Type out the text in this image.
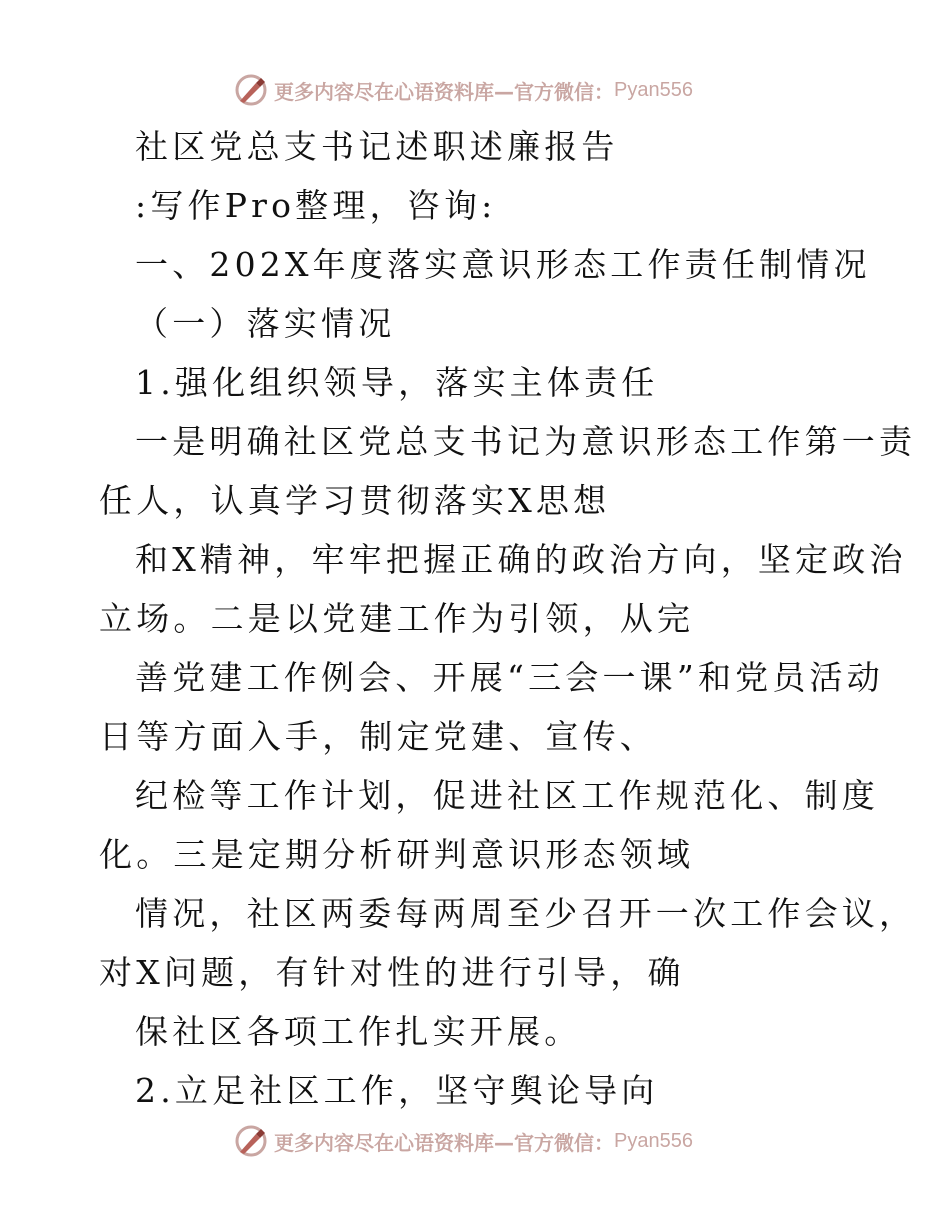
更多内容尽在心语资料库 —官方微信： Pyan556
社区党总支书记述职述廉报告
:写作Pro整理，咨询:
一、202X年度落实意识形态工作责任制情况
（一）落实情况
1.强化组织领导，落实主体责任
一是明确社区党总支书记为意识形态工作第一责
任人，认真学习贯彻落实X思想
和X精神，牢牢把握正确的政治方向，坚定政治
立场。二是以党建工作为引领，从完
善党建工作例会、开展“三会一课”和党员活动
日等方面入手，制定党建、宣传、
纪检等工作计划，促进社区工作规范化、制度
化。三是定期分析研判意识形态领域
情况，社区两委每两周至少召开一次工作会议，
对X问题，有针对性的进行引导，确
保社区各项工作扎实开展。
2.立足社区工作，坚守舆论导向
更多内容尽在心语资料库 —官方微信： Pyan556
